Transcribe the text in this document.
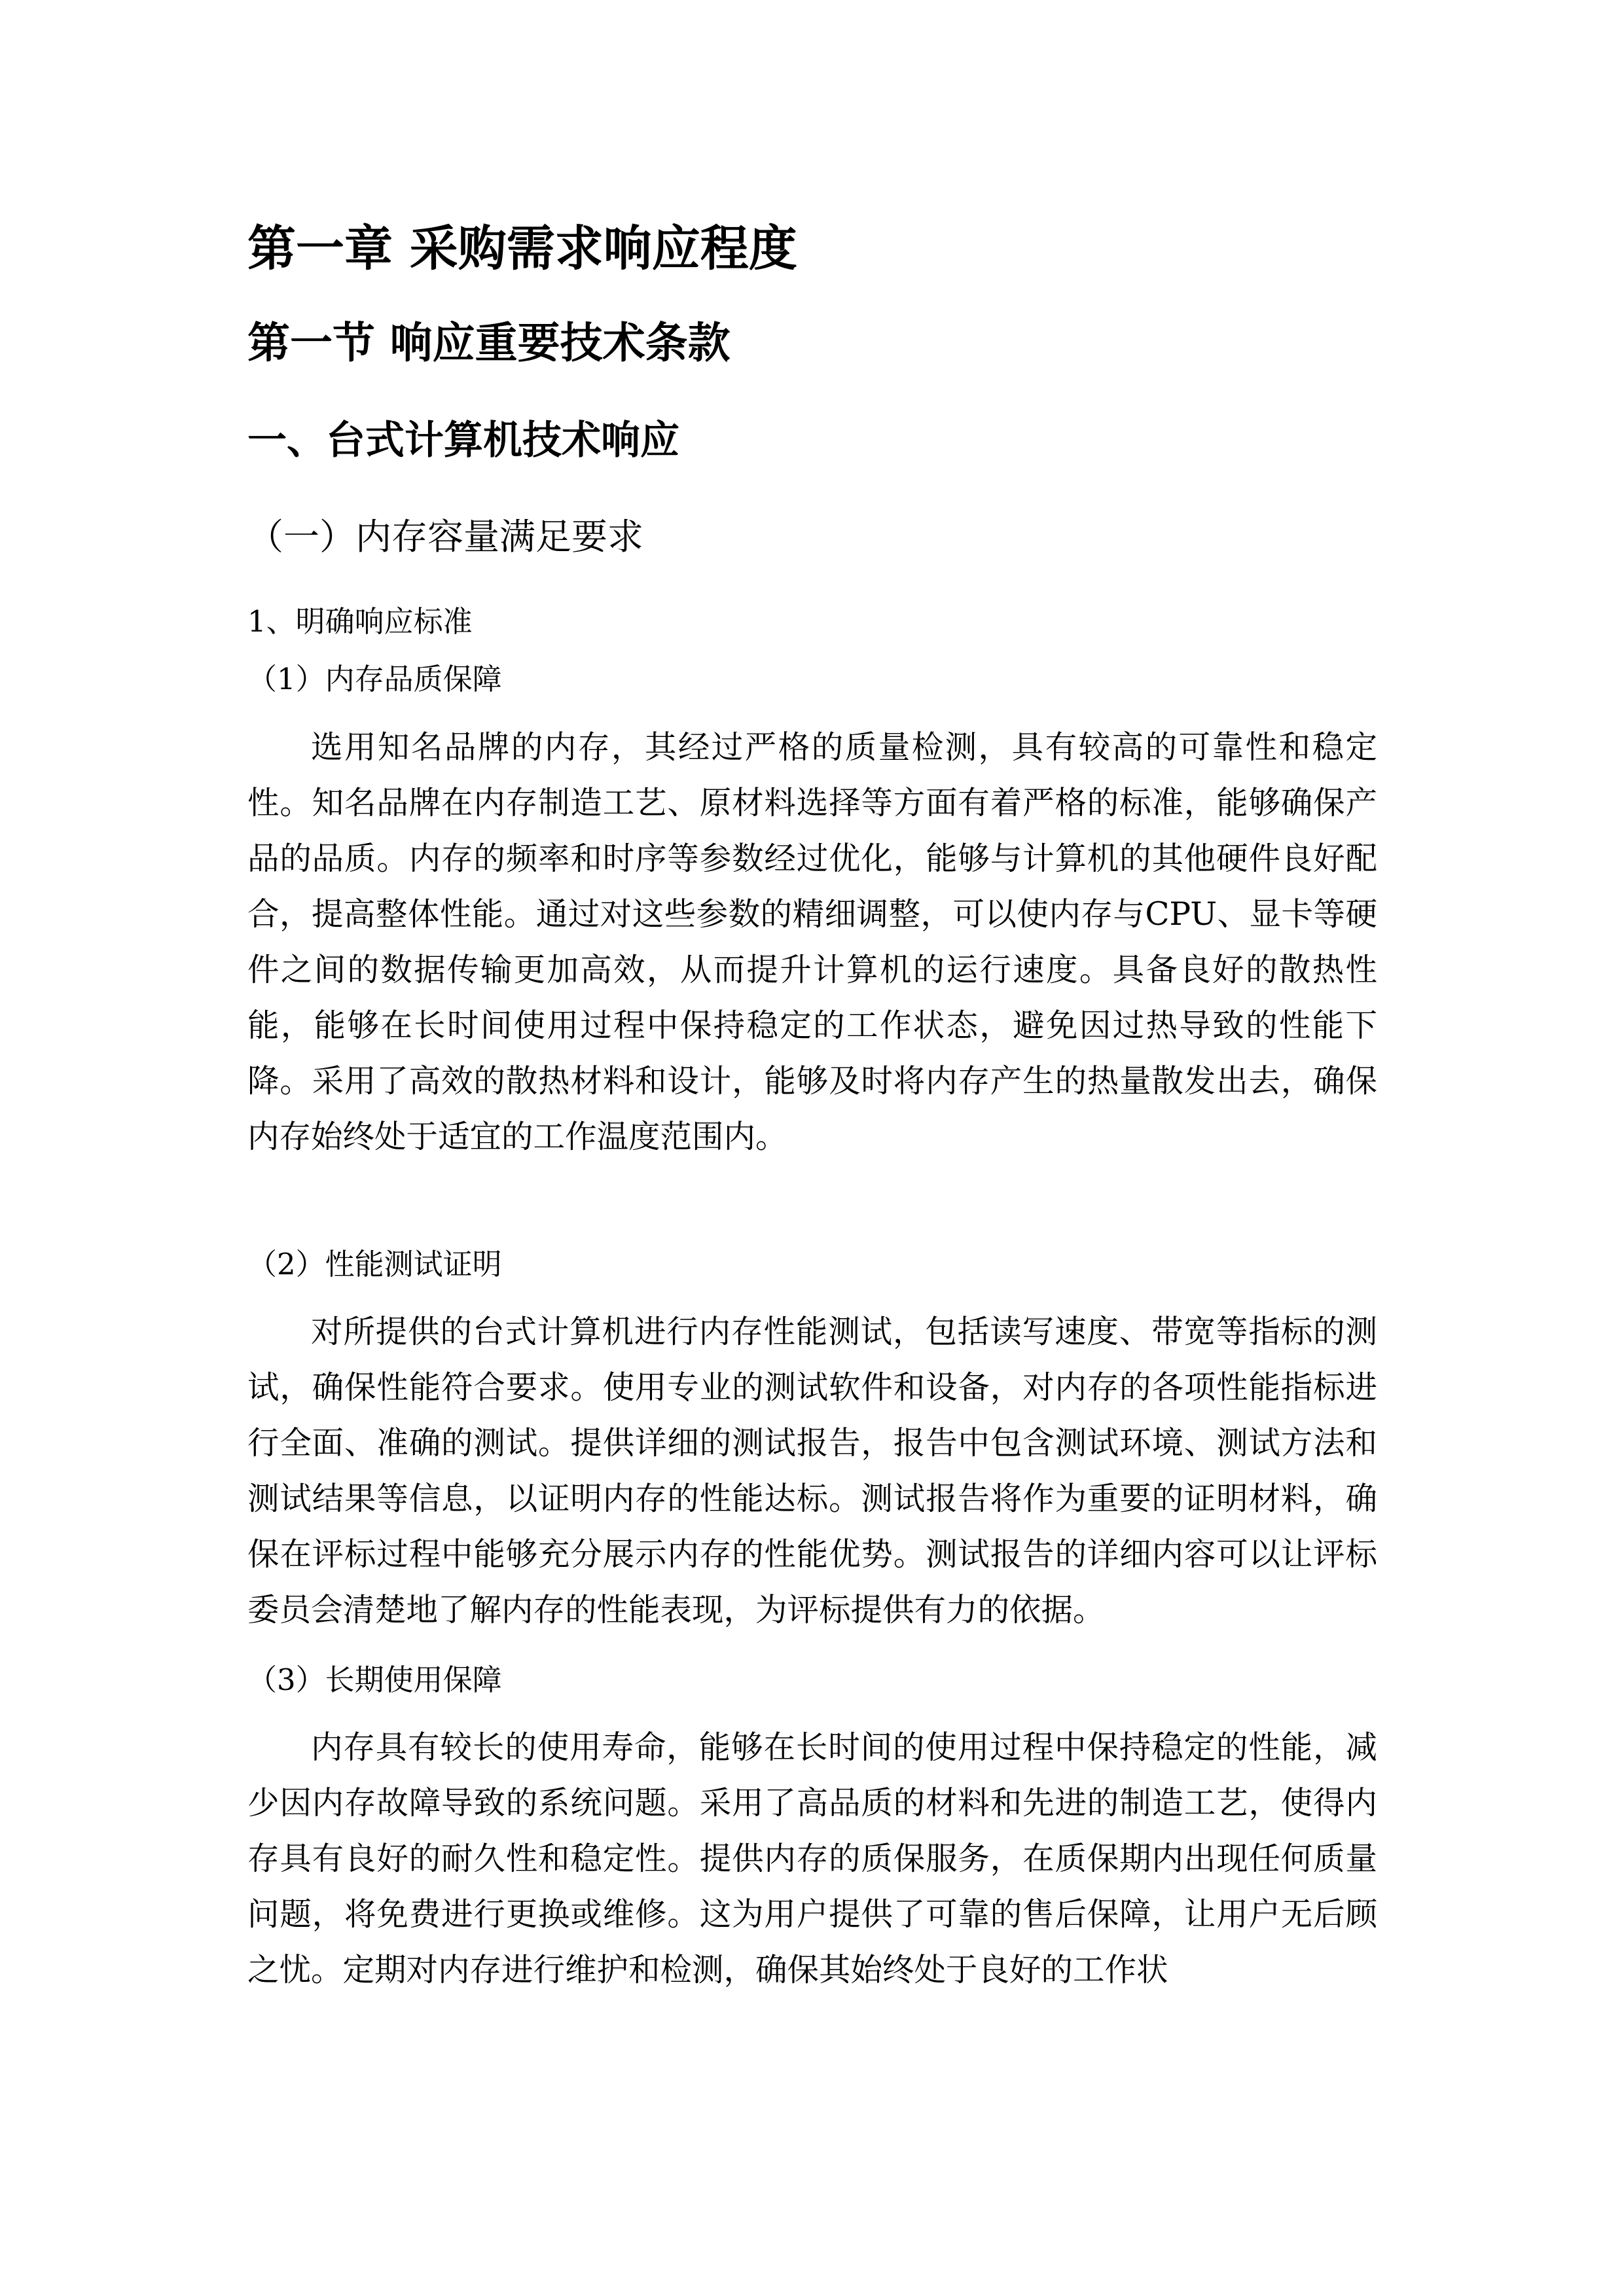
第一章 采购需求响应程度
第一节 响应重要技术条款
一、台式计算机技术响应
（一）内存容量满足要求
1、明确响应标准
（1）内存品质保障

选用知名品牌的内存，其经过严格的质量检测，具有较高的可靠性和稳定性。知名品牌在内存制造工艺、原材料选择等方面有着严格的标准，能够确保产品的品质。内存的频率和时序等参数经过优化，能够与计算机的其他硬件良好配合，提高整体性能。通过对这些参数的精细调整，可以使内存与CPU、显卡等硬件之间的数据传输更加高效，从而提升计算机的运行速度。具备良好的散热性能，能够在长时间使用过程中保持稳定的工作状态，避免因过热导致的性能下降。采用了高效的散热材料和设计，能够及时将内存产生的热量散发出去，确保内存始终处于适宜的工作温度范围内。

（2）性能测试证明

对所提供的台式计算机进行内存性能测试，包括读写速度、带宽等指标的测试，确保性能符合要求。使用专业的测试软件和设备，对内存的各项性能指标进行全面、准确的测试。提供详细的测试报告，报告中包含测试环境、测试方法和测试结果等信息，以证明内存的性能达标。测试报告将作为重要的证明材料，确保在评标过程中能够充分展示内存的性能优势。测试报告的详细内容可以让评标委员会清楚地了解内存的性能表现，为评标提供有力的依据。

（3）长期使用保障

内存具有较长的使用寿命，能够在长时间的使用过程中保持稳定的性能，减少因内存故障导致的系统问题。采用了高品质的材料和先进的制造工艺，使得内存具有良好的耐久性和稳定性。提供内存的质保服务，在质保期内出现任何质量问题，将免费进行更换或维修。这为用户提供了可靠的售后保障，让用户无后顾之忧。定期对内存进行维护和检测，确保其始终处于良好的工作状
